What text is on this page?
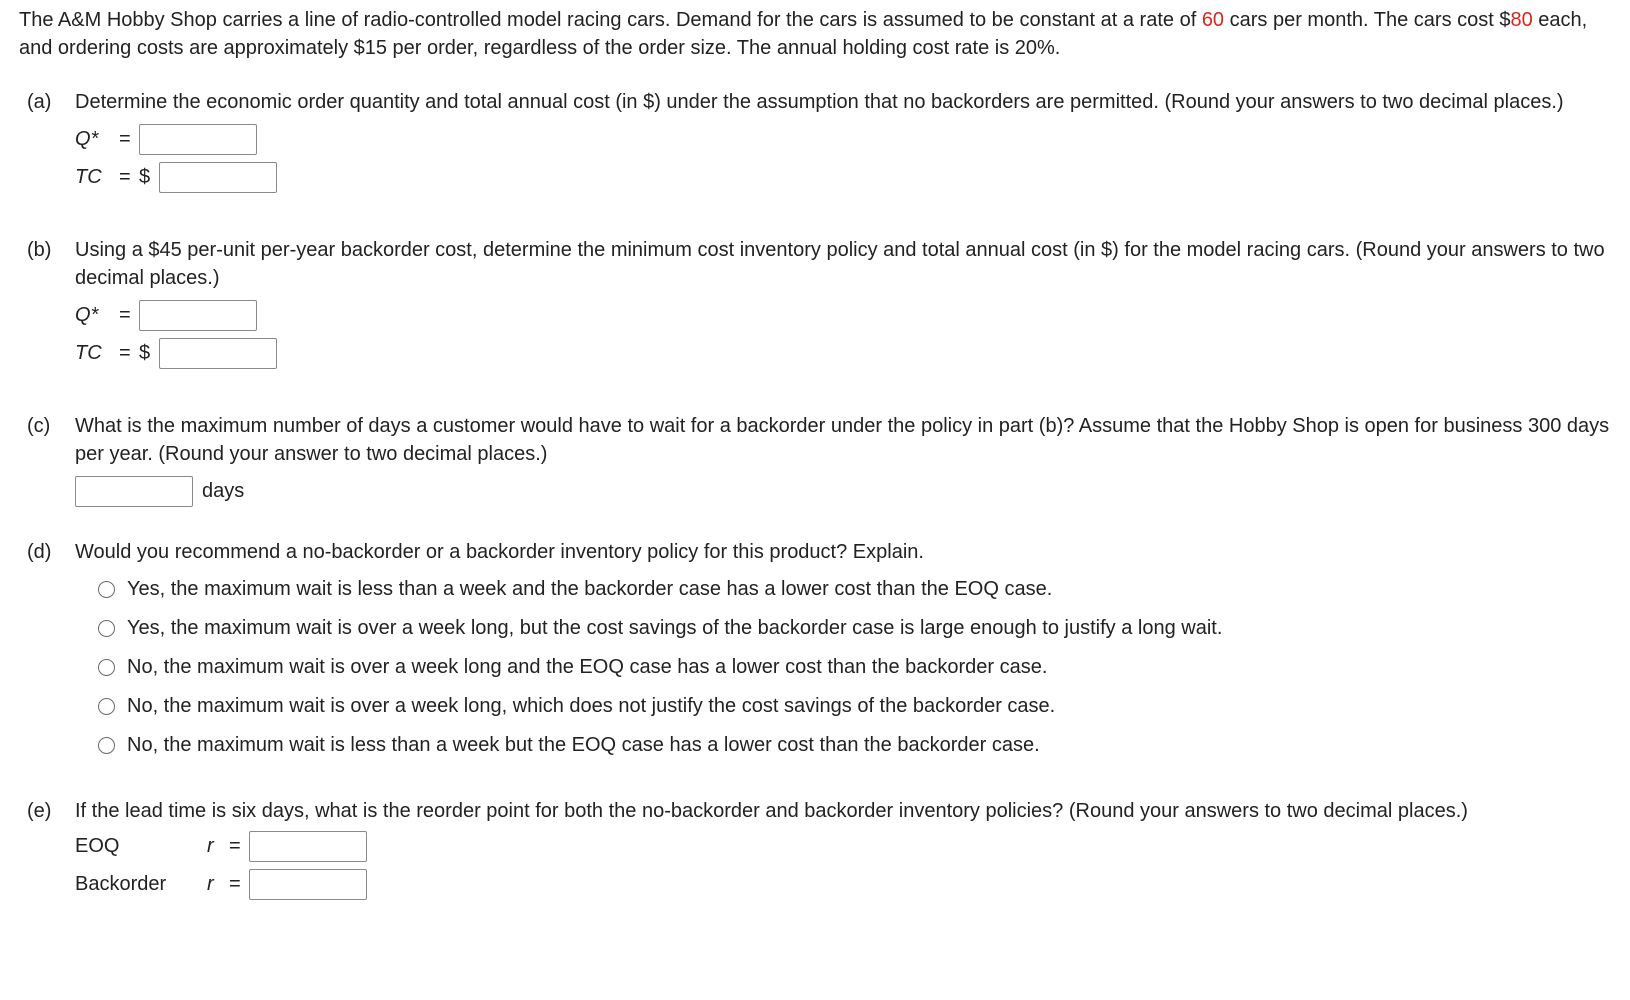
The A&M Hobby Shop carries a line of radio-controlled model racing cars. Demand for the cars is assumed to be constant at a rate of 60 cars per month. The cars cost $80 each, and ordering costs are approximately $15 per order, regardless of the order size. The annual holding cost rate is 20%.

(a)	Determine the economic order quantity and total annual cost (in $) under the assumption that no backorders are permitted. (Round your answers to two decimal places.)

Q*	=
TC = $
(b)	Using a $45 per-unit per-year backorder cost, determine the minimum cost inventory policy and total annual cost (in $) for the model racing cars. (Round your answers to two decimal places.)

Q*	=
TC = $
(c)	What is the maximum number of days a customer would have to wait for a backorder under the policy in part (b)? Assume that the Hobby Shop is open for business 300 days per year. (Round your answer to two decimal places.)

days
(d)	Would you recommend a no-backorder or a backorder inventory policy for this product? Explain.

Yes, the maximum wait is less than a week and the backorder case has a lower cost than the EOQ case.
Yes, the maximum wait is over a week long, but the cost savings of the backorder case is large enough to justify a long wait.
No, the maximum wait is over a week long and the EOQ case has a lower cost than the backorder case.
No, the maximum wait is over a week long, which does not justify the cost savings of the backorder case.
No, the maximum wait is less than a week but the EOQ case has a lower cost than the backorder case.
(e)	If the lead time is six days, what is the reorder point for both the no-backorder and backorder inventory policies? (Round your answers to two decimal places.)

EOQ	r =
Backorder	r =
